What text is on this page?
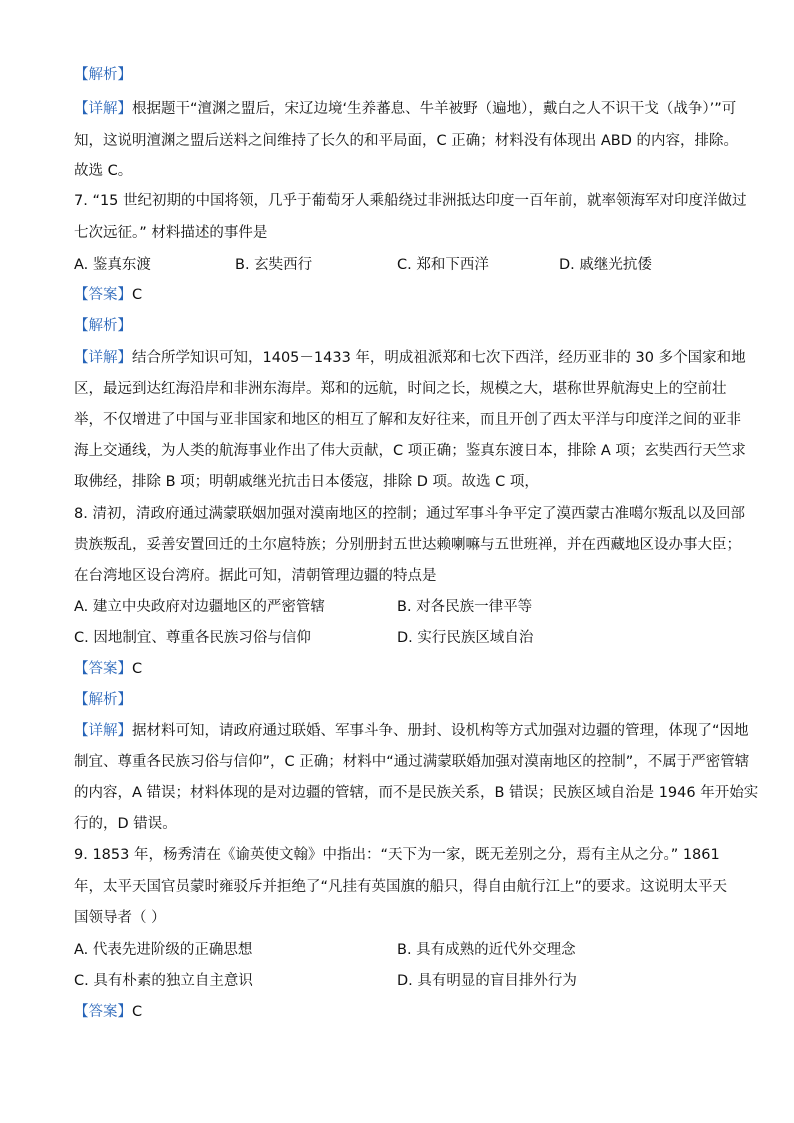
【解析】
【详解】根据题干“澶渊之盟后，宋辽边境‘生养蕃息、牛羊被野（遍地），戴白之人不识干戈（战争）’”可
知，这说明澶渊之盟后送料之间维持了长久的和平局面，C 正确；材料没有体现出 ABD 的内容，排除。
故选 C。
7. “15 世纪初期的中国将领，几乎于葡萄牙人乘船绕过非洲抵达印度一百年前，就率领海军对印度洋做过
七次远征。” 材料描述的事件是
A. 鉴真东渡	B. 玄奘西行	C. 郑和下西洋	D. 戚继光抗倭
【答案】C
【解析】
【详解】结合所学知识可知，1405－1433 年，明成祖派郑和七次下西洋，经历亚非的 30 多个国家和地
区，最远到达红海沿岸和非洲东海岸。郑和的远航，时间之长，规模之大，堪称世界航海史上的空前壮
举，不仅增进了中国与亚非国家和地区的相互了解和友好往来，而且开创了西太平洋与印度洋之间的亚非
海上交通线，为人类的航海事业作出了伟大贡献，C 项正确；鉴真东渡日本，排除 A 项；玄奘西行天竺求
取佛经，排除 B 项；明朝戚继光抗击日本倭寇，排除 D 项。故选 C 项，
8. 清初，清政府通过满蒙联姻加强对漠南地区的控制；通过军事斗争平定了漠西蒙古准噶尔叛乱以及回部
贵族叛乱，妥善安置回迁的土尔扈特族；分别册封五世达赖喇嘛与五世班禅，并在西藏地区设办事大臣；
在台湾地区设台湾府。据此可知，清朝管理边疆的特点是
A. 建立中央政府对边疆地区的严密管辖	B. 对各民族一律平等
C. 因地制宜、尊重各民族习俗与信仰	D. 实行民族区域自治
【答案】C
【解析】
【详解】据材料可知，请政府通过联婚、军事斗争、册封、设机构等方式加强对边疆的管理，体现了“因地
制宜、尊重各民族习俗与信仰”，C 正确；材料中“通过满蒙联婚加强对漠南地区的控制”，不属于严密管辖
的内容，A 错误；材料体现的是对边疆的管辖，而不是民族关系，B 错误；民族区域自治是 1946 年开始实
行的，D 错误。
9. 1853 年，杨秀清在《谕英使文翰》中指出：“天下为一家，既无差别之分，焉有主从之分。” 1861
年，太平天国官员蒙时雍驳斥并拒绝了“凡挂有英国旗的船只，得自由航行江上”的要求。这说明太平天
国领导者（ ）
A. 代表先进阶级的正确思想	B. 具有成熟的近代外交理念
C. 具有朴素的独立自主意识	D. 具有明显的盲目排外行为
【答案】C
